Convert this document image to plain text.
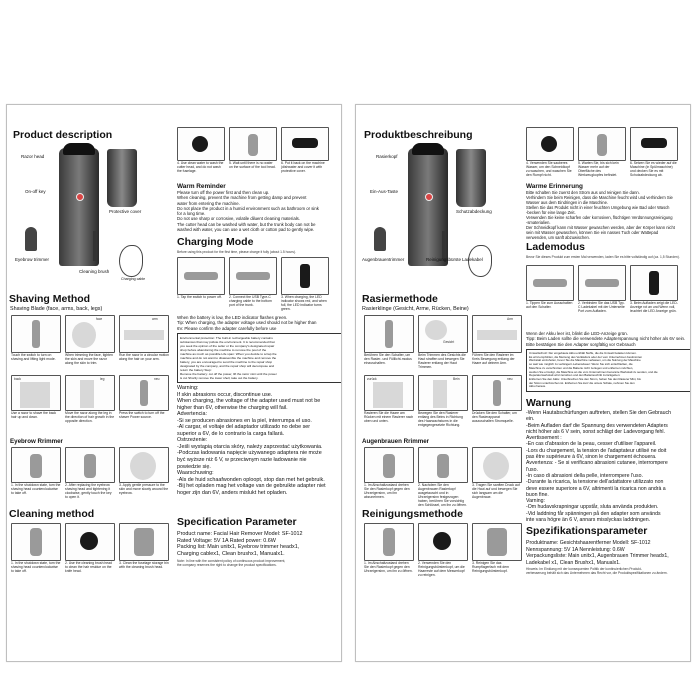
Product description
Razor head
On-off key
Eyebrow trimmer
Cleaning brush
Protective cover
Charging cable
4. Use clean water to wash the cutter head, and do not wash the fuselage.
5. Wait until there is no water on the surface of the tool head.
6. Put it back on the machine (dishwater and cover it with protective cover.
Warm Reminder
Please turn off the power first and then clean up.
When cleaning, prevent the machine from getting damp and prevent
water from entering the machine.
Do not place the product in a humid environment such as bathroom or sink
for a long time.
Do not use sharp or corrosive, volatile diluent cleaning materials.
The cutter head can be washed with water, but the trunk body can not be
washed with water, you can use a wet cloth or cotton pad to gently wipe.
Charging Mode
Before using this product for the first time, please charge it fully (about 1.5 hours).
1. Tap the switch to power off.	2. Connect the USB Type-C charging cable to the bottom port of the trunk.
3. When charging, the LED indicator shows red, and when full, the LED indicator turns green.
Shaving Method
Shaving Blade (face, arms, back, legs)
face	arm
Touch the switch to turn on shaving and lifting light mode.
When trimming the face, tighten the skin and move the razor along the skin to trim.
Run the razor in a circular motion along the hair on your arm.
back	leg	neu
Use a razor to shave the back hair up and down.
Move the razor along the leg in the direction of hair growth in the opposite direction.
Press the switch to turn off the shaver Power source.
When the battery is low, the LED indicator flashes green.
Tip: When charging, the adapter voltage used should not be higher than
6V. Please confirm the adapter carefully before use
Environmental protection: The built-in rechargeable battery contains
substances that may pollute the environment. It is recommended that
you seek the opinion of the seller or the company's designated repair
shop before abandoning the machine to remove the pool of the
machine as much as possible.Life span: When you decide to scrap the
machine and do not want to disassemble the machine and remove the
battery, you are encouraged to send the machine to the repair shop
designated by the company, and the repair shop will decompose and
return the battery Step:
Remove the battery: cut off the power, lift the razor mini until the power
is cut Shortly remove the lower shell, take out the battery.
Warning:
If skin abrasions occur, discontinue use.
When charging, the voltage of the adapter used must not be
higher than 6V, otherwise the charging will fail.
Advertencia:
-Si se producen abrasiones en la piel, interrumpa el uso.
-Al cargar, el voltaje del adaptador utilizado no debe ser
superior a 6V, de lo contrario la carga fallará.
Ostrzeżenie:
-Jeśli wystąpią otarcia skóry, należy zaprzestać użytkowania.
-Podczas ładowania napięcie używanego adaptera nie może
być wyższe niż 6 V, w przeciwnym razie ładowanie nie
powiedzie się.
Waarschuwing:
-Als de huid schaafwonden oploopt, stop dan met het gebruik.
-Bij het opladen mag het voltage van de gebruikte adapter niet
hoger zijn dan 6V, anders mislukt het opladen.
Eyebrow Rrimmer
1. In the shutdown state, turn the shaving head counterclockwise to take off.
2. After replacing the eyebrow shaving head and tightening it clockwise, gently touch the key to open it.
3. Apply gentle pressure to the skin and move slowly around the eyebrow.
Cleaning method
1. In the shutdown state, turn the shaving head counterclockwise to take off.
2. Use the cleaning brush head to clean the hair residue on the knife head.
3. Clean the fuselage storage bin with the cleaning brush head.
Specification Parameter
Product name: Facial Hair Remover Model: SF-1012
Rated Voltage: 5V 1A Rated power: 0.6W
Packing list: Main unitx1, Eyebrow trimmer headx1,
Charging cablex1, Clean brushx1, Manualx1.
Note: In line with the consistent policy of continuous product improvement,
the company reserves the right to change the product specifications.
Produktbeschreibung
Rasierkopf
Ein-Aus-Taste
Augenbrauentrimmer	Reinigungsbürste
Schutzabdeckung
Ladekabel
4. Verwenden Sie sauberes Wasser, um den Schneidkopf zu waschen, und waschen Sie den Rumpf nicht.
5. Warten Sie, bis sich kein Wasser mehr auf der Oberfläche des Werkzeugkopfes befindet.
6. Setzen Sie es wieder auf die Maschine (in Spülmaschine) und decken Sie es mit Schutzabdeckung ab.
Warme Erinnerung
Bitte schalten Sie zuerst den Strom aus und reinigen Sie dann.
Verhindern Sie beim Reinigen, dass die Maschine feucht wird und verhindern Sie
Wasser aus dem Eindringen in die Maschine.
Stellen Sie das Produkt nicht in einer feuchten Umgebung wie Bad oder Wasch
-becken für eine lange Zeit.
Verwenden Sie keine scharfen oder korrosiven, flüchtigen Verdünnungsreinigung
-smaterialien.
Der Schneidkopf kann mit Wasser gewaschen werden, aber der Körper kann nicht
sein mit Wasser gewaschen, können Sie ein nasses Tuch oder Wattepad
verwenden, um sanft abzuwischen.
Lademodus
Bevor Sie dieses Produkt zum ersten Mal verwenden, laden Sie es bitte vollständig auf (ca. 1,5 Stunden).
1. Tippen Sie zum Ausschalten auf den Schalter.
2. Verbinden Sie das USB Typ-C Ladekabel mit der Unterseite Port zum Aufladen.
3. Beim Aufladen zeigt die LED-Anzeige rot an und Wenn voll, leuchtet die LED Anzeige grün.
Rasiermethode
Rasierklinge (Gesicht, Arme, Rücken, Beine)
Gesicht
Arm
Berühren Sie den Schalter, um den Rasier- und Fülllicht-modus einzuschalten.
Beim Trimmen des Gesichts die Haut straffen und bewegen Sie Rasierer entlang der Haut Trimmen.
Führen Sie den Rasierer im Kreis Bewegung entlang der Haare auf deinem Arm.
zurück	Bein	neu
Rasieren Sie die Haare am Rücken mit einem Rasierer nach oben und unten.
Bewegen Sie den Rasierer entlang des Beins in Richtung des Haarwachstums in die entgegengesetzte Richtung.
Drücken Sie den Schalter, um den Rasierapparat auszuschalten Stromquelle.
Wenn der Akku leer ist, blinkt die LED-Anzeige grün.
Tipp: Beim Laden sollte die verwendete Adapterspannung nicht höher als 6V sein.
Bitte bestätigen Sie den Adapter sorgfältig vor Gebrauch
Umweltschutz: Der eingebaute Akku enthält Stoffe, die die Umwelt belasten können.
Es wird empfohlen, die Meinung des Verkäufers oder der vom Unternehmen bestimmten
Werkstatt einzuholen, bevor Sie die Maschine verlassen, um die Nutzung der Maschine
so weit wie möglich zu verlängern.Lebensdauer: Wenn Sie sich entschließen, die
Maschine zu verschrotten und die Batterie nicht zerlegen und entfernen möchten,
werden Sie ermutigt, die Maschine an die vom Unternehmen benannte Werkstatt zu senden, und die
Reparaturwerkstatt wird zerstören und den Batterieschritt zurückgeben:
Entfernen Sie den Akku: Unterbrechen Sie den Strom, heben Sie den Rasierer Mini, bis
der Strom unterbrochen ist. Entfernen Sie kurz die untere Schale, nehmen Sie den
Akku heraus.
Warnung
-Wenn Hautabschürfungen auftreten, stellen Sie den Gebrauch
ein.
-Beim Aufladen darf die Spannung des verwendeten Adapters
nicht höher als 6 V sein, sonst schlägt der Ladevorgang fehl.
Avertissement :
-En cas d'abrasion de la peau, cesser d'utiliser l'appareil.
-Lors du chargement, la tension de l'adaptateur utilisé ne doit
pas être supérieure à 6V, sinon le chargement échouera.
Avvertenza: - Se si verificano abrasioni cutanee, interrompere
l'uso.
-In caso di abrasioni della pelle, interrompere l'uso.
-Durante la ricarica, la tensione dell'adattatore utilizzato non
deve essere superiore a 6V, altrimenti la ricarica non andrà a
buon fine.
Varning:
-Om hudavskrapningar uppstår, sluta använda produkten.
-Vid laddning får spänningen på den adapter som används
inte vara högre än 6 V, annars misslyckas laddningen.
Augenbrauen Rrimmer
1. Im Abschaltzustand drehen Sie den Rasierkopf gegen den Uhrzeigersinn, um ihn abzunehmen.
2. Nachdem Sie den Augenbrauen Rasierkopf ausgetauscht und in Uhrzeigersinn festgezogen haben, berühren Sie vorsichtig den Schlüssel, um ihn zu öffnen.
3. Tragen Sie sanften Druck auf die Haut auf und bewegen Sie sich langsam um die Augenbraue.
Reinigungsmethode
1. Im Abschaltzustand drehen Sie den Rasierkopf gegen den Uhrzeigersinn, um ihn zu öffnen.
2. Verwenden Sie den Reinigungsbürstenkopf, um die Haarreste auf dem Messerkopf zu reinigen.
3. Reinigen Sie das Rumpflagerfach mit dem Reinigungsbürstenkopf.
Spezifikationsparameter
Produktname: Gesichtshaarentferner Modell: SF-1012
Nennspannung: 5V 1A Nennleistung: 0.6W
Verpackungsliste: Main unitx1, Augenbrauen Trimmer headx1,
Ladekabel x1, Clean Brushx1, Manualx1.
Hinweis: Im Einklang mit der konsequenten Politik der kontinuierlichen Produkt-
verbesserung behält sich das Unternehmen das Recht vor, die Produktspezifikationen zu ändern.
